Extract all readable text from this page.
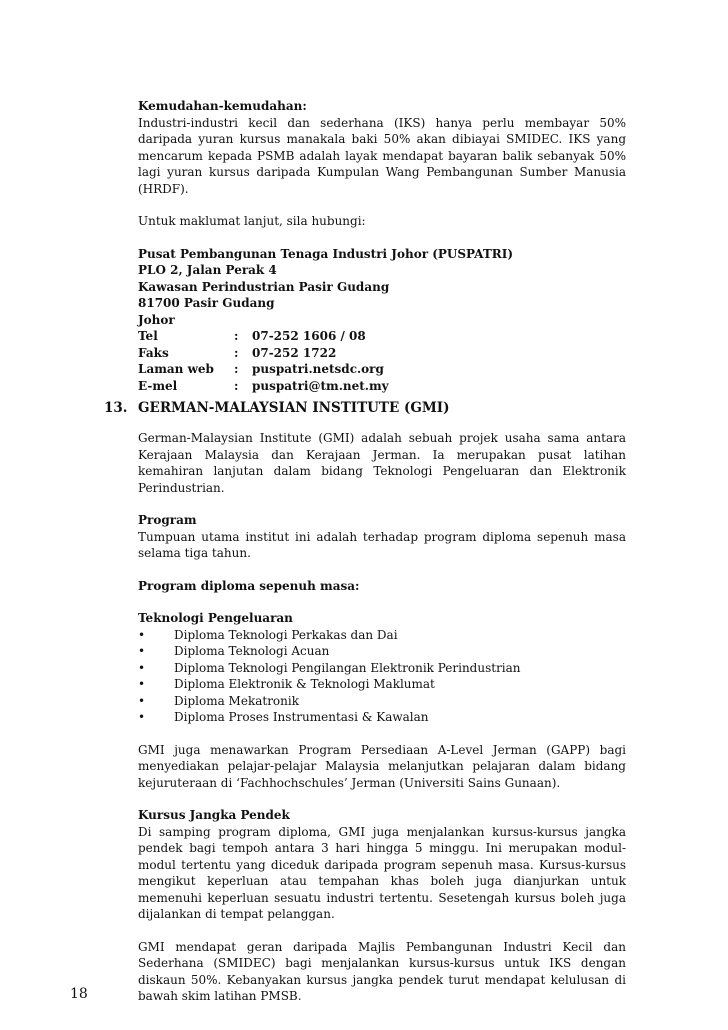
Kemudahan-kemudahan:
Industri-industri kecil dan sederhana (IKS) hanya perlu membayar 50% daripada yuran kursus manakala baki 50% akan dibiayai SMIDEC. IKS yang mencarum kepada PSMB adalah layak mendapat bayaran balik sebanyak 50% lagi yuran kursus daripada Kumpulan Wang Pembangunan Sumber Manusia (HRDF).
Untuk maklumat lanjut, sila hubungi:
Pusat Pembangunan Tenaga Industri Johor (PUSPATRI)
PLO 2, Jalan Perak 4
Kawasan Perindustrian Pasir Gudang
81700 Pasir Gudang
Johor
Tel	:	07-252 1606 / 08
Faks	:	07-252 1722
Laman web	:	puspatri.netsdc.org
E-mel	:	puspatri@tm.net.my
13. GERMAN-MALAYSIAN INSTITUTE (GMI)
German-Malaysian Institute (GMI) adalah sebuah projek usaha sama antara Kerajaan Malaysia dan Kerajaan Jerman. Ia merupakan pusat latihan kemahiran lanjutan dalam bidang Teknologi Pengeluaran dan Elektronik Perindustrian.
Program
Tumpuan utama institut ini adalah terhadap program diploma sepenuh masa selama tiga tahun.
Program diploma sepenuh masa:
Teknologi Pengeluaran
•	Diploma Teknologi Perkakas dan Dai
•	Diploma Teknologi Acuan
•	Diploma Teknologi Pengilangan Elektronik Perindustrian
•	Diploma Elektronik & Teknologi Maklumat
•	Diploma Mekatronik
•	Diploma Proses Instrumentasi & Kawalan
GMI juga menawarkan Program Persediaan A-Level Jerman (GAPP) bagi menyediakan pelajar-pelajar Malaysia melanjutkan pelajaran dalam bidang kejuruteraan di ‘Fachhochschules’ Jerman (Universiti Sains Gunaan).
Kursus Jangka Pendek
Di samping program diploma, GMI juga menjalankan kursus-kursus jangka pendek bagi tempoh antara 3 hari hingga 5 minggu. Ini merupakan modul-modul tertentu yang diceduk daripada program sepenuh masa. Kursus-kursus mengikut keperluan atau tempahan khas boleh juga dianjurkan untuk memenuhi keperluan sesuatu industri tertentu. Sesetengah kursus boleh juga dijalankan di tempat pelanggan.
GMI mendapat geran daripada Majlis Pembangunan Industri Kecil dan Sederhana (SMIDEC) bagi menjalankan kursus-kursus untuk IKS dengan diskaun 50%. Kebanyakan kursus jangka pendek turut mendapat kelulusan di bawah skim latihan PMSB.
18
